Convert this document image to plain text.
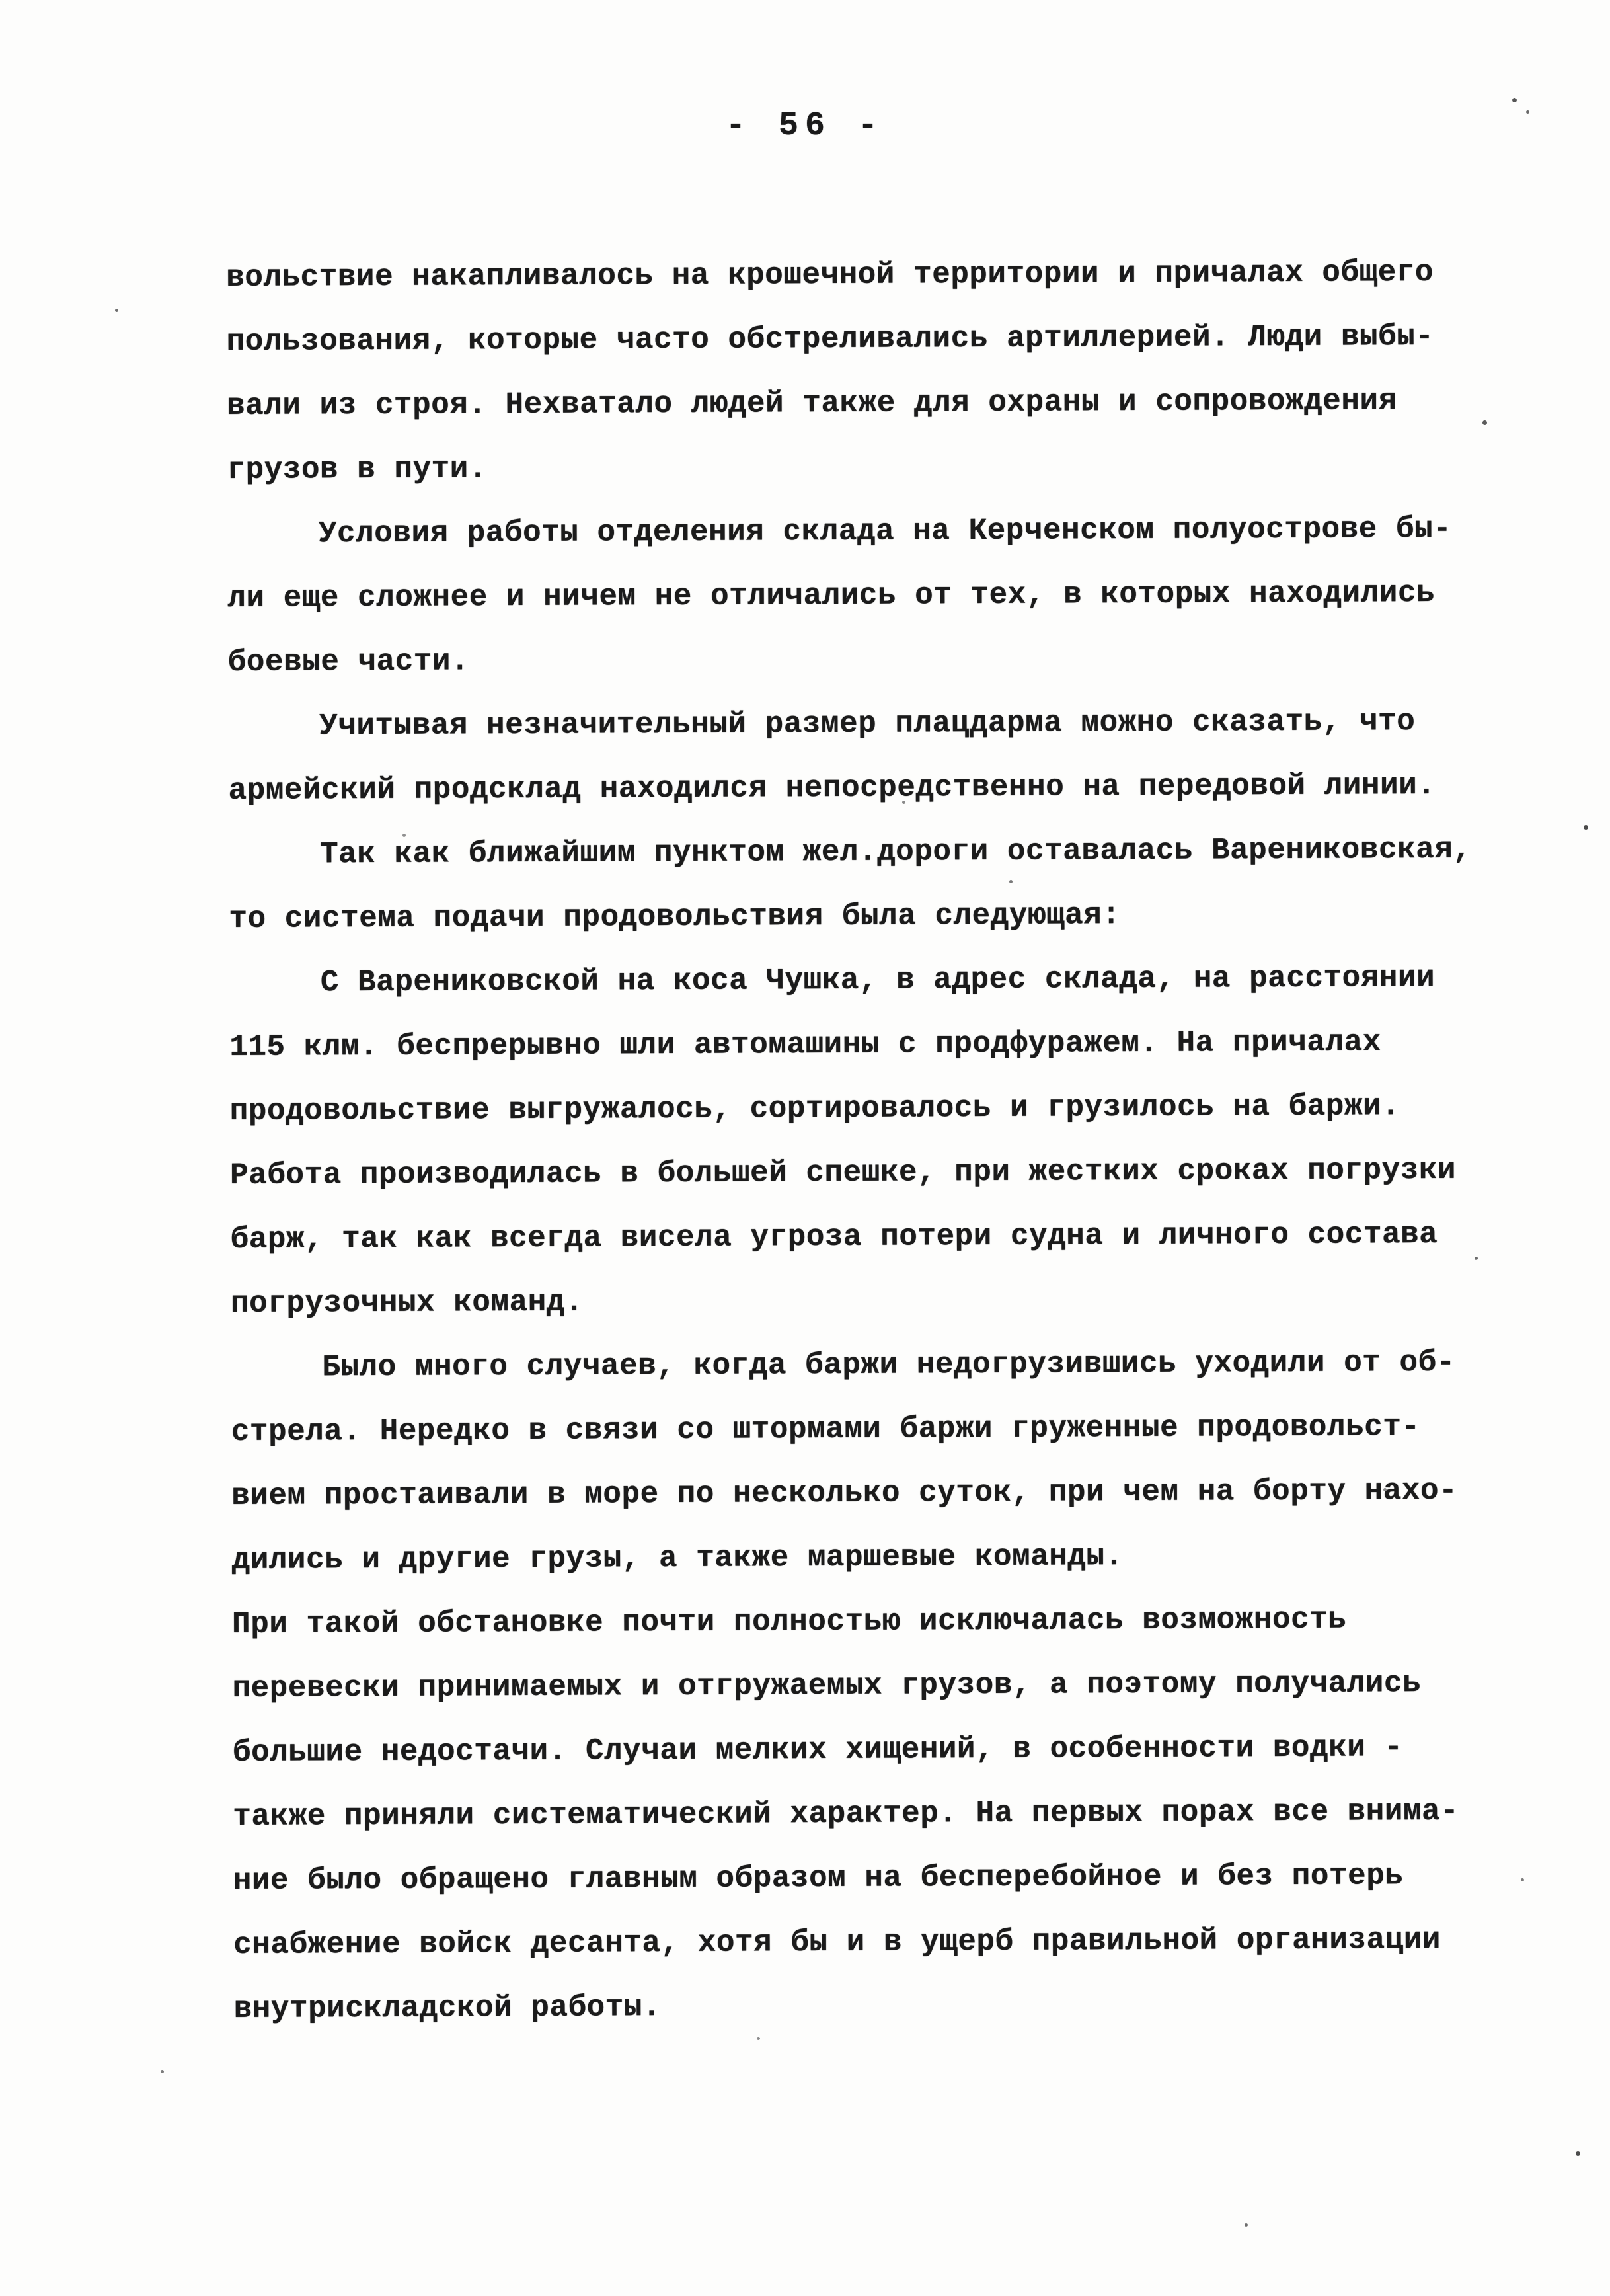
- 56 -
вольствие накапливалось на крошечной территории и причалах общего
пользования, которые часто обстреливались артиллерией. Люди выбы-
вали из строя. Нехватало людей также для охраны и сопровождения
грузов в пути.
Условия работы отделения склада на Керченском полуострове бы-
ли еще сложнее и ничем не отличались от тех, в которых находились
боевые части.
Учитывая незначительный размер плацдарма можно сказать, что
армейский продсклад находился непосредственно на передовой линии.
Так как ближайшим пунктом жел.дороги оставалась Варениковская,
то система подачи продовольствия была следующая:
С Варениковской на коса Чушка, в адрес склада, на расстоянии
115 клм. беспрерывно шли автомашины с продфуражем. На причалах
продовольствие выгружалось, сортировалось и грузилось на баржи.
Работа производилась в большей спешке, при жестких сроках погрузки
барж, так как всегда висела угроза потери судна и личного состава
погрузочных команд.
Было много случаев, когда баржи недогрузившись уходили от об-
стрела. Нередко в связи со штормами баржи груженные продовольст-
вием простаивали в море по несколько суток, при чем на борту нахо-
дились и другие грузы, а также маршевые команды.
При такой обстановке почти полностью исключалась возможность
перевески принимаемых и отгружаемых грузов, а поэтому получались
большие недостачи. Случаи мелких хищений, в особенности водки -
также приняли систематический характер. На первых порах все внима-
ние было обращено главным образом на бесперебойное и без потерь
снабжение войск десанта, хотя бы и в ущерб правильной организации
внутрискладской работы.
